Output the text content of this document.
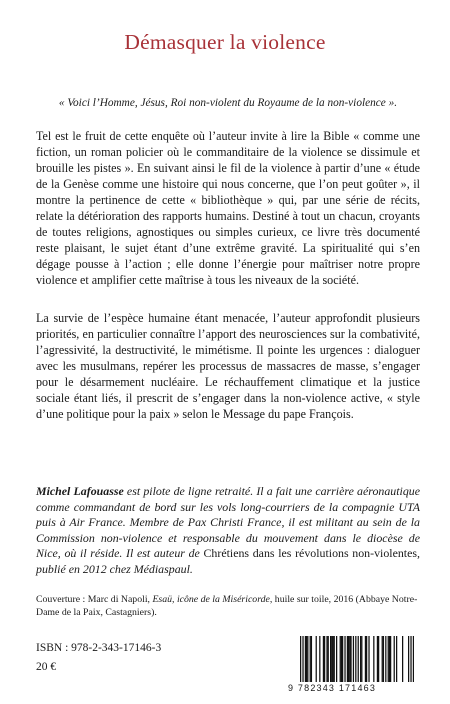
Démasquer la violence
« Voici l’Homme, Jésus, Roi non-violent du Royaume de la non-violence ».

Tel est le fruit de cette enquête où l’auteur invite à lire la Bible « comme une fiction, un roman policier où le commanditaire de la violence se dissimule et brouille les pistes ». En suivant ainsi le fil de la violence à partir d’une « étude de la Genèse comme une histoire qui nous concerne, que l’on peut goûter », il montre la pertinence de cette « bibliothèque » qui, par une série de récits, relate la détérioration des rapports humains. Destiné à tout un chacun, croyants de toutes religions, agnostiques ou simples curieux, ce livre très documenté reste plaisant, le sujet étant d’une extrême gravité. La spiritualité qui s’en dégage pousse à l’action ; elle donne l’énergie pour maîtriser notre propre violence et amplifier cette maîtrise à tous les niveaux de la société.

La survie de l’espèce humaine étant menacée, l’auteur approfondit plusieurs priorités, en particulier connaître l’apport des neurosciences sur la combativité, l’agressivité, la destructivité, le mimétisme. Il pointe les urgences : dialoguer avec les musulmans, repérer les processus de massacres de masse, s’engager pour le désarmement nucléaire. Le réchauffement climatique et la justice sociale étant liés, il prescrit de s’engager dans la non-violence active, « style d’une politique pour la paix » selon le Message du pape François.

Michel Lafouasse est pilote de ligne retraité. Il a fait une carrière aéronautique comme commandant de bord sur les vols long-courriers de la compagnie UTA puis à Air France. Membre de Pax Christi France, il est militant au sein de la Commission non-violence et responsable du mouvement dans le diocèse de Nice, où il réside. Il est auteur de Chrétiens dans les révolutions non-violentes, publié en 2012 chez Médiaspaul.

Couverture : Marc di Napoli, Esaü, icône de la Miséricorde, huile sur toile, 2016 (Abbaye Notre-Dame de la Paix, Castagniers).

ISBN : 978-2-343-17146-3
20 €
9 782343 171463
